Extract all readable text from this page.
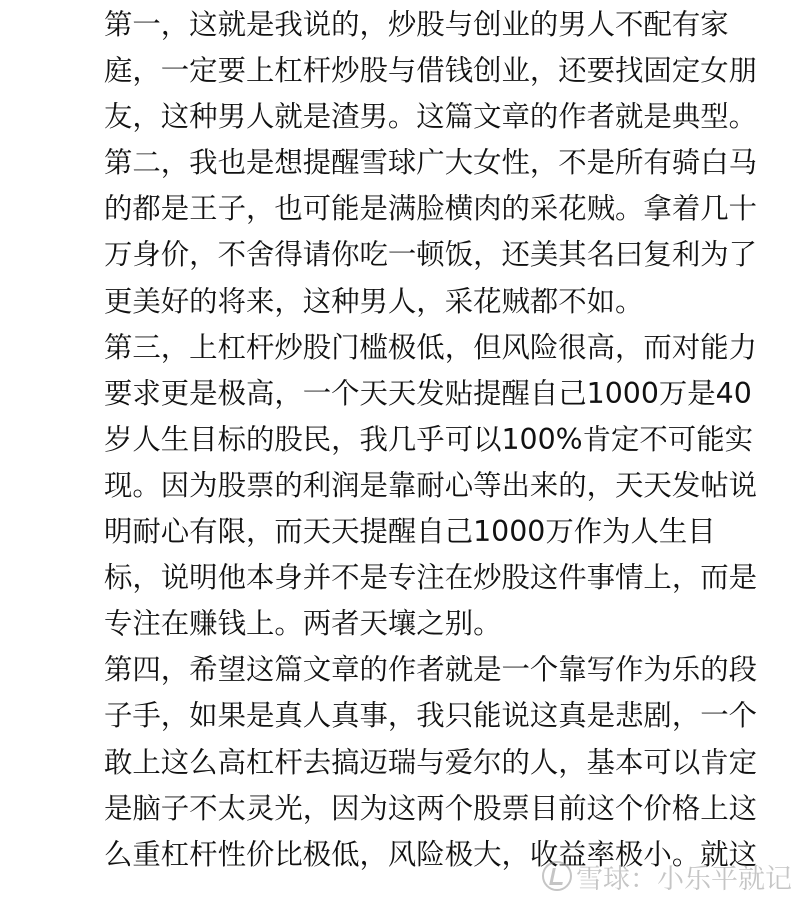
第一，这就是我说的，炒股与创业的男人不配有家
庭，一定要上杠杆炒股与借钱创业，还要找固定女朋
友，这种男人就是渣男。这篇文章的作者就是典型。
第二，我也是想提醒雪球广大女性，不是所有骑白马
的都是王子，也可能是满脸横肉的采花贼。拿着几十
万身价，不舍得请你吃一顿饭，还美其名曰复利为了
更美好的将来，这种男人，采花贼都不如。
第三，上杠杆炒股门槛极低，但风险很高，而对能力
要求更是极高，一个天天发贴提醒自己1000万是40
岁人生目标的股民，我几乎可以100%肯定不可能实
现。因为股票的利润是靠耐心等出来的，天天发帖说
明耐心有限，而天天提醒自己1000万作为人生目
标，说明他本身并不是专注在炒股这件事情上，而是
专注在赚钱上。两者天壤之别。
第四，希望这篇文章的作者就是一个靠写作为乐的段
子手，如果是真人真事，我只能说这真是悲剧，一个
敢上这么高杠杆去搞迈瑞与爱尔的人，基本可以肯定
是脑子不太灵光，因为这两个股票目前这个价格上这
么重杠杆性价比极低，风险极大，收益率极小。就这
雪球：小乐平就记
